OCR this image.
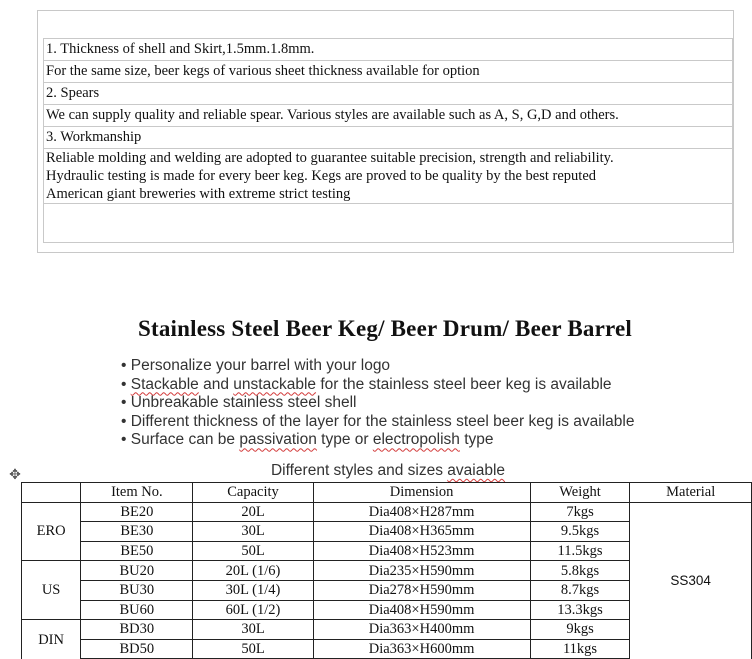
1. Thickness of shell and Skirt,1.5mm.1.8mm.
For the same size, beer kegs of various sheet thickness available for option
2. Spears
We can supply quality and reliable spear. Various styles are available such as A, S, G,D and others.
3. Workmanship
Reliable molding and welding are adopted to guarantee suitable precision, strength and reliability.
Hydraulic testing is made for every beer keg. Kegs are proved to be quality by the best reputed
American giant breweries with extreme strict testing

Stainless Steel Beer Keg/ Beer Drum/ Beer Barrel
• Personalize your barrel with your logo
• Stackable and unstackable for the stainless steel beer keg is available
• Unbreakable stainless steel shell
• Different thickness of the layer for the stainless steel beer keg is available
• Surface can be passivation type or electropolish type
Different styles and sizes avaiable
✥
	Item No.	Capacity	Dimension	Weight	Material
ERO	BE20	20L	Dia408×H287mm	7kgs	SS304
	BE30	30L	Dia408×H365mm	9.5kgs	
	BE50	50L	Dia408×H523mm	11.5kgs	
US	BU20	20L (1/6)	Dia235×H590mm	5.8kgs	
	BU30	30L (1/4)	Dia278×H590mm	8.7kgs	
	BU60	60L (1/2)	Dia408×H590mm	13.3kgs	
DIN	BD30	30L	Dia363×H400mm	9kgs	
	BD50	50L	Dia363×H600mm	11kgs	
